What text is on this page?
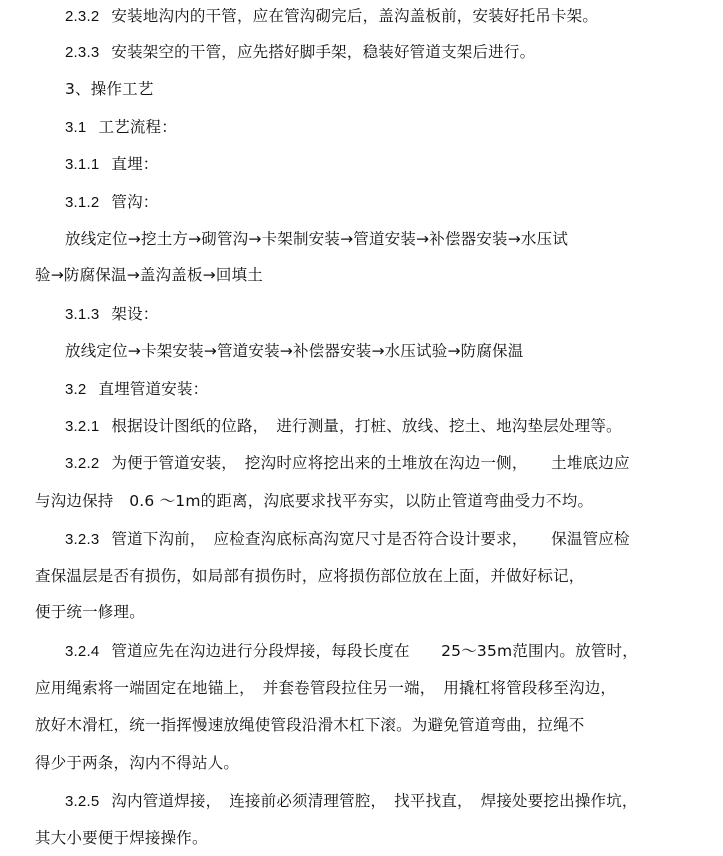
2.3.2 安装地沟内的干管，应在管沟砌完后，盖沟盖板前，安装好托吊卡架。
2.3.3 安装架空的干管，应先搭好脚手架，稳装好管道支架后进行。
3、操作工艺
3.1 工艺流程：
3.1.1 直埋：
3.1.2 管沟：
放线定位→挖土方→砌管沟→卡架制安装→管道安装→补偿器安装→水压试
验→防腐保温→盖沟盖板→回填土
3.1.3 架设：
放线定位→卡架安装→管道安装→补偿器安装→水压试验→防腐保温
3.2 直埋管道安装：
3.2.1 根据设计图纸的位路，　进行测量，打桩、放线、挖土、地沟垫层处理等。
3.2.2 为便于管道安装，　挖沟时应将挖出来的土堆放在沟边一侧，　　土堆底边应
与沟边保持　0.6 ～1m的距离，沟底要求找平夯实，以防止管道弯曲受力不均。
3.2.3 管道下沟前，　应检查沟底标高沟宽尺寸是否符合设计要求，　　保温管应检
查保温层是否有损伤，如局部有损伤时，应将损伤部位放在上面，并做好标记，
便于统一修理。
3.2.4 管道应先在沟边进行分段焊接，每段长度在　　25～35m范围内。放管时，
应用绳索将一端固定在地锚上，　并套卷管段拉住另一端，　用撬杠将管段移至沟边，
放好木滑杠，统一指挥慢速放绳使管段沿滑木杠下滚。为避免管道弯曲，拉绳不
得少于两条，沟内不得站人。
3.2.5 沟内管道焊接，　连接前必须清理管腔，　找平找直，　焊接处要挖出操作坑，
其大小要便于焊接操作。
